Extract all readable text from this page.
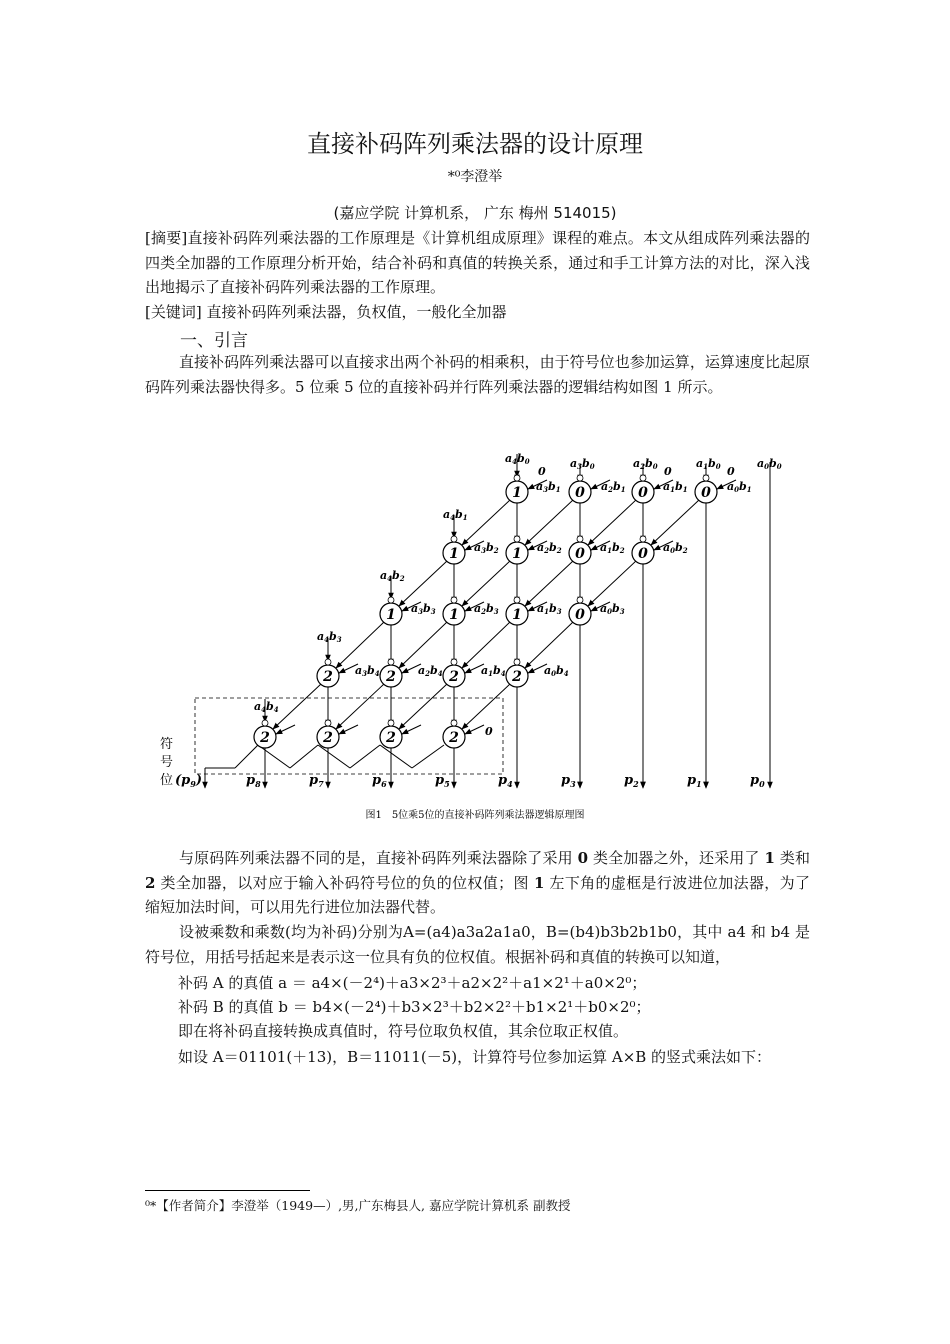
直接补码阵列乘法器的设计原理
*⁰李澄举
(嘉应学院 计算机系， 广东 梅州 514015)
[摘要]直接补码阵列乘法器的工作原理是《计算机组成原理》课程的难点。本文从组成阵列乘法器的四类全加器的工作原理分析开始，结合补码和真值的转换关系，通过和手工计算方法的对比，深入浅出地揭示了直接补码阵列乘法器的工作原理。
[关键词] 直接补码阵列乘法器，负权值，一般化全加器
一、引言
直接补码阵列乘法器可以直接求出两个补码的相乘积，由于符号位也参加运算，运算速度比起原码阵列乘法器快得多。5 位乘 5 位的直接补码并行阵列乘法器的逻辑结构如图 1 所示。
1	0	0	0
1	1	0	0
1	1	1	0
2	2	2	2
2	2	2	2
a4b0
0
a3b1
a3b0
a2b1
a2b0 0
a1b1
a1b0 0
a0b1
a0b0
a4b1
a3b2	a2b2	a1b2	a0b2
a4b2
a3b3	a2b3	a1b3	a0b3
a4b3
a3b4	a2b4	a1b4	a0b4
a4b4
0
$(p_9)$	$p_8$	$p_7$	$p_6$	$p_5$	$p_4$	$p_3$	$p_2$	$p_1$	$p_0$
符
号
位
图1　5位乘5位的直接补码阵列乘法器逻辑原理图
与原码阵列乘法器不同的是，直接补码阵列乘法器除了采用 0 类全加器之外，还采用了 1 类和 2 类全加器，以对应于输入补码符号位的负的位权值；图 1 左下角的虚框是行波进位加法器，为了缩短加法时间，可以用先行进位加法器代替。
设被乘数和乘数(均为补码)分别为A=(a4)a3a2a1a0，B=(b4)b3b2b1b0，其中 a4 和 b4 是符号位，用括号括起来是表示这一位具有负的位权值。根据补码和真值的转换可以知道，
补码 A 的真值 a ＝ a4×(－2⁴)＋a3×2³＋a2×2²＋a1×2¹＋a0×2⁰；
补码 B 的真值 b ＝ b4×(－2⁴)＋b3×2³＋b2×2²＋b1×2¹＋b0×2⁰；
即在将补码直接转换成真值时，符号位取负权值，其余位取正权值。
如设 A＝01101(＋13)，B＝11011(－5)，计算符号位参加运算 A×B 的竖式乘法如下：
⁰*【作者简介】李澄举（1949—）,男,广东梅县人, 嘉应学院计算机系 副教授
